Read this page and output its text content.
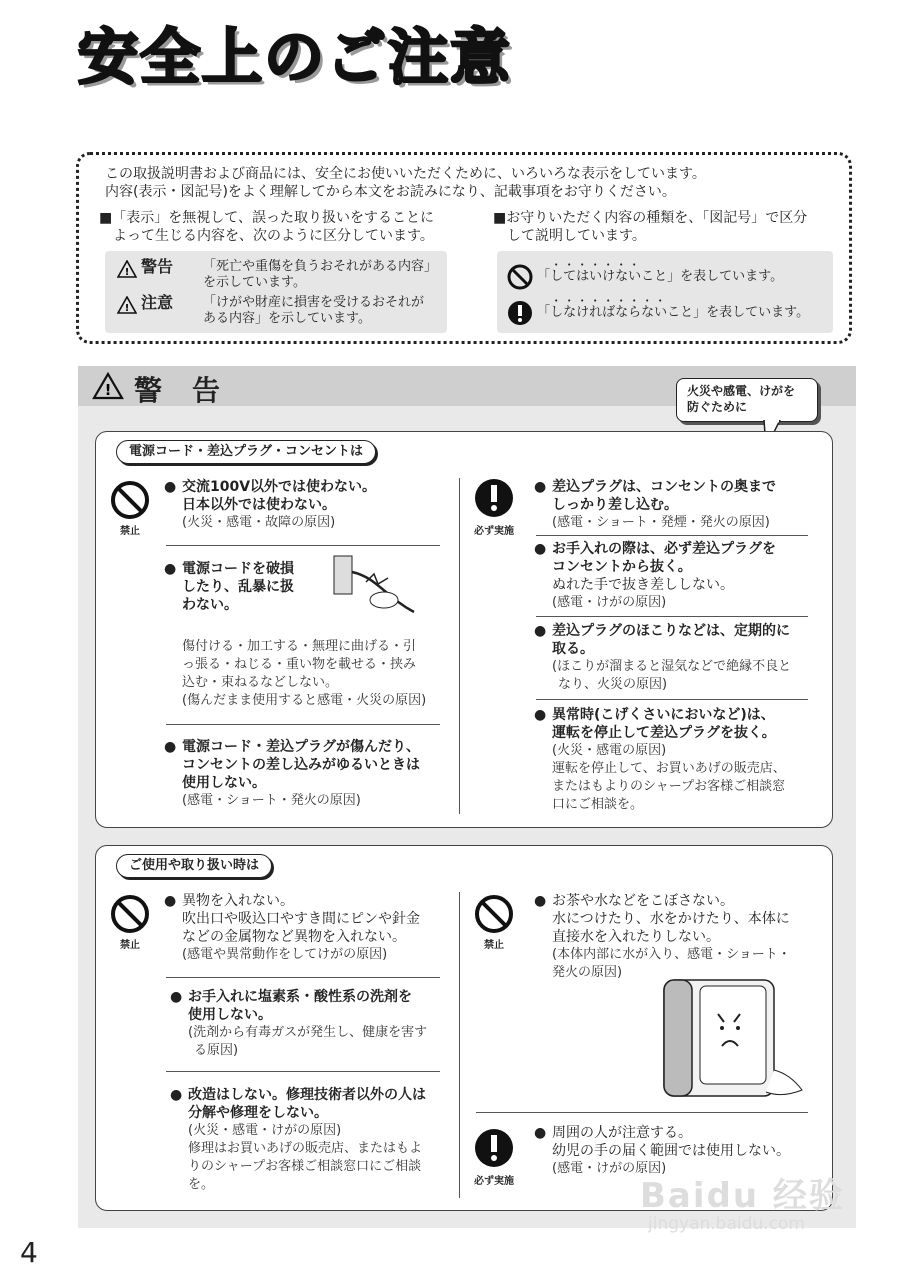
安全上のご注意

この取扱説明書および商品には、安全にお使いいただくために、いろいろな表示をしています。

内容(表示・図記号)をよく理解してから本文をお読みになり、記載事項をお守りください。

■「表示」を無視して、誤った取り扱いをすることに
よって生じる内容を、次のように区分しています。
! 警告 「死亡や重傷を負うおそれがある内容」
を示しています。
! 注意 「けがや財産に損害を受けるおそれが
ある内容」を示しています。
■お守りいただく内容の種類を、「図記号」で区分
して説明しています。
「してはいけないこと」を表しています。
「しなければならないこと」を表しています。
! 警告	火災や感電、けがを
防ぐために
電源コード・差込プラグ・コンセントは
禁止
● 交流100V以外では使わない。
日本以外では使わない。
(火災・感電・故障の原因)
● 電源コードを破損
したり、乱暴に扱
わない。
傷付ける・加工する・無理に曲げる・引
っ張る・ねじる・重い物を載せる・挟み
込む・束ねるなどしない。
(傷んだまま使用すると感電・火災の原因)
● 電源コード・差込プラグが傷んだり、
コンセントの差し込みがゆるいときは
使用しない。
(感電・ショート・発火の原因)
必ず実施
● 差込プラグは、コンセントの奥まで
しっかり差し込む。
(感電・ショート・発煙・発火の原因)
● お手入れの際は、必ず差込プラグを
コンセントから抜く。
ぬれた手で抜き差ししない。
(感電・けがの原因)
● 差込プラグのほこりなどは、定期的に
取る。
(ほこりが溜まると湿気などで絶縁不良と
なり、火災の原因)
● 異常時(こげくさいにおいなど)は、
運転を停止して差込プラグを抜く。
(火災・感電の原因)
運転を停止して、お買いあげの販売店、
またはもよりのシャープお客様ご相談窓
口にご相談を。
ご使用や取り扱い時は
禁止
● 異物を入れない。
吹出口や吸込口やすき間にピンや針金
などの金属物など異物を入れない。
(感電や異常動作をしてけがの原因)
● お手入れに塩素系・酸性系の洗剤を
使用しない。
(洗剤から有毒ガスが発生し、健康を害す
る原因)
● 改造はしない。修理技術者以外の人は
分解や修理をしない。
(火災・感電・けがの原因)
修理はお買いあげの販売店、またはもよ
りのシャープお客様ご相談窓口にご相談
を。
禁止
● お茶や水などをこぼさない。
水につけたり、水をかけたり、本体に
直接水を入れたりしない。
(本体内部に水が入り、感電・ショート・
発火の原因)
必ず実施
● 周囲の人が注意する。
幼児の手の届く範囲では使用しない。
(感電・けがの原因)
Baidu 经验
jingyan.baidu.com
4
